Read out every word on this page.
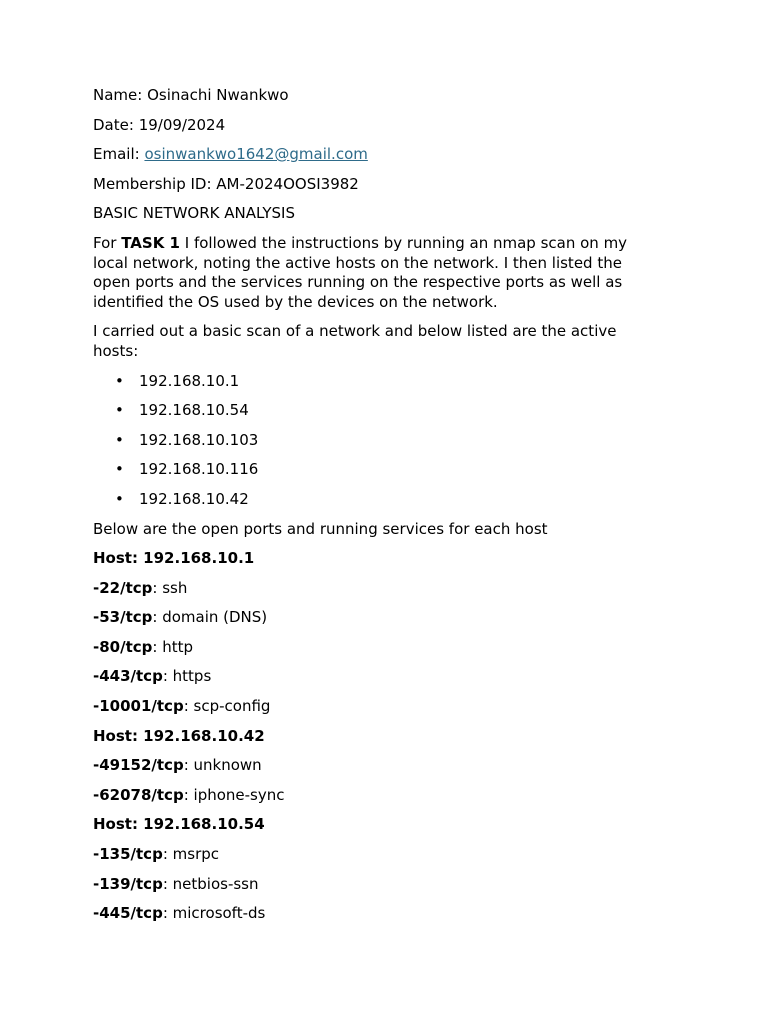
Name: Osinachi Nwankwo

Date: 19/09/2024

Email: osinwankwo1642@gmail.com

Membership ID: AM-2024OOSI3982

BASIC NETWORK ANALYSIS

For TASK 1 I followed the instructions by running an nmap scan on my local network, noting the active hosts on the network. I then listed the open ports and the services running on the respective ports as well as identified the OS used by the devices on the network.

I carried out a basic scan of a network and below listed are the active hosts:

• 192.168.10.1
• 192.168.10.54
• 192.168.10.103
• 192.168.10.116
• 192.168.10.42

Below are the open ports and running services for each host

Host: 192.168.10.1

-22/tcp: ssh

-53/tcp: domain (DNS)

-80/tcp: http

-443/tcp: https

-10001/tcp: scp-config

Host: 192.168.10.42

-49152/tcp: unknown

-62078/tcp: iphone-sync

Host: 192.168.10.54

-135/tcp: msrpc

-139/tcp: netbios-ssn

-445/tcp: microsoft-ds
